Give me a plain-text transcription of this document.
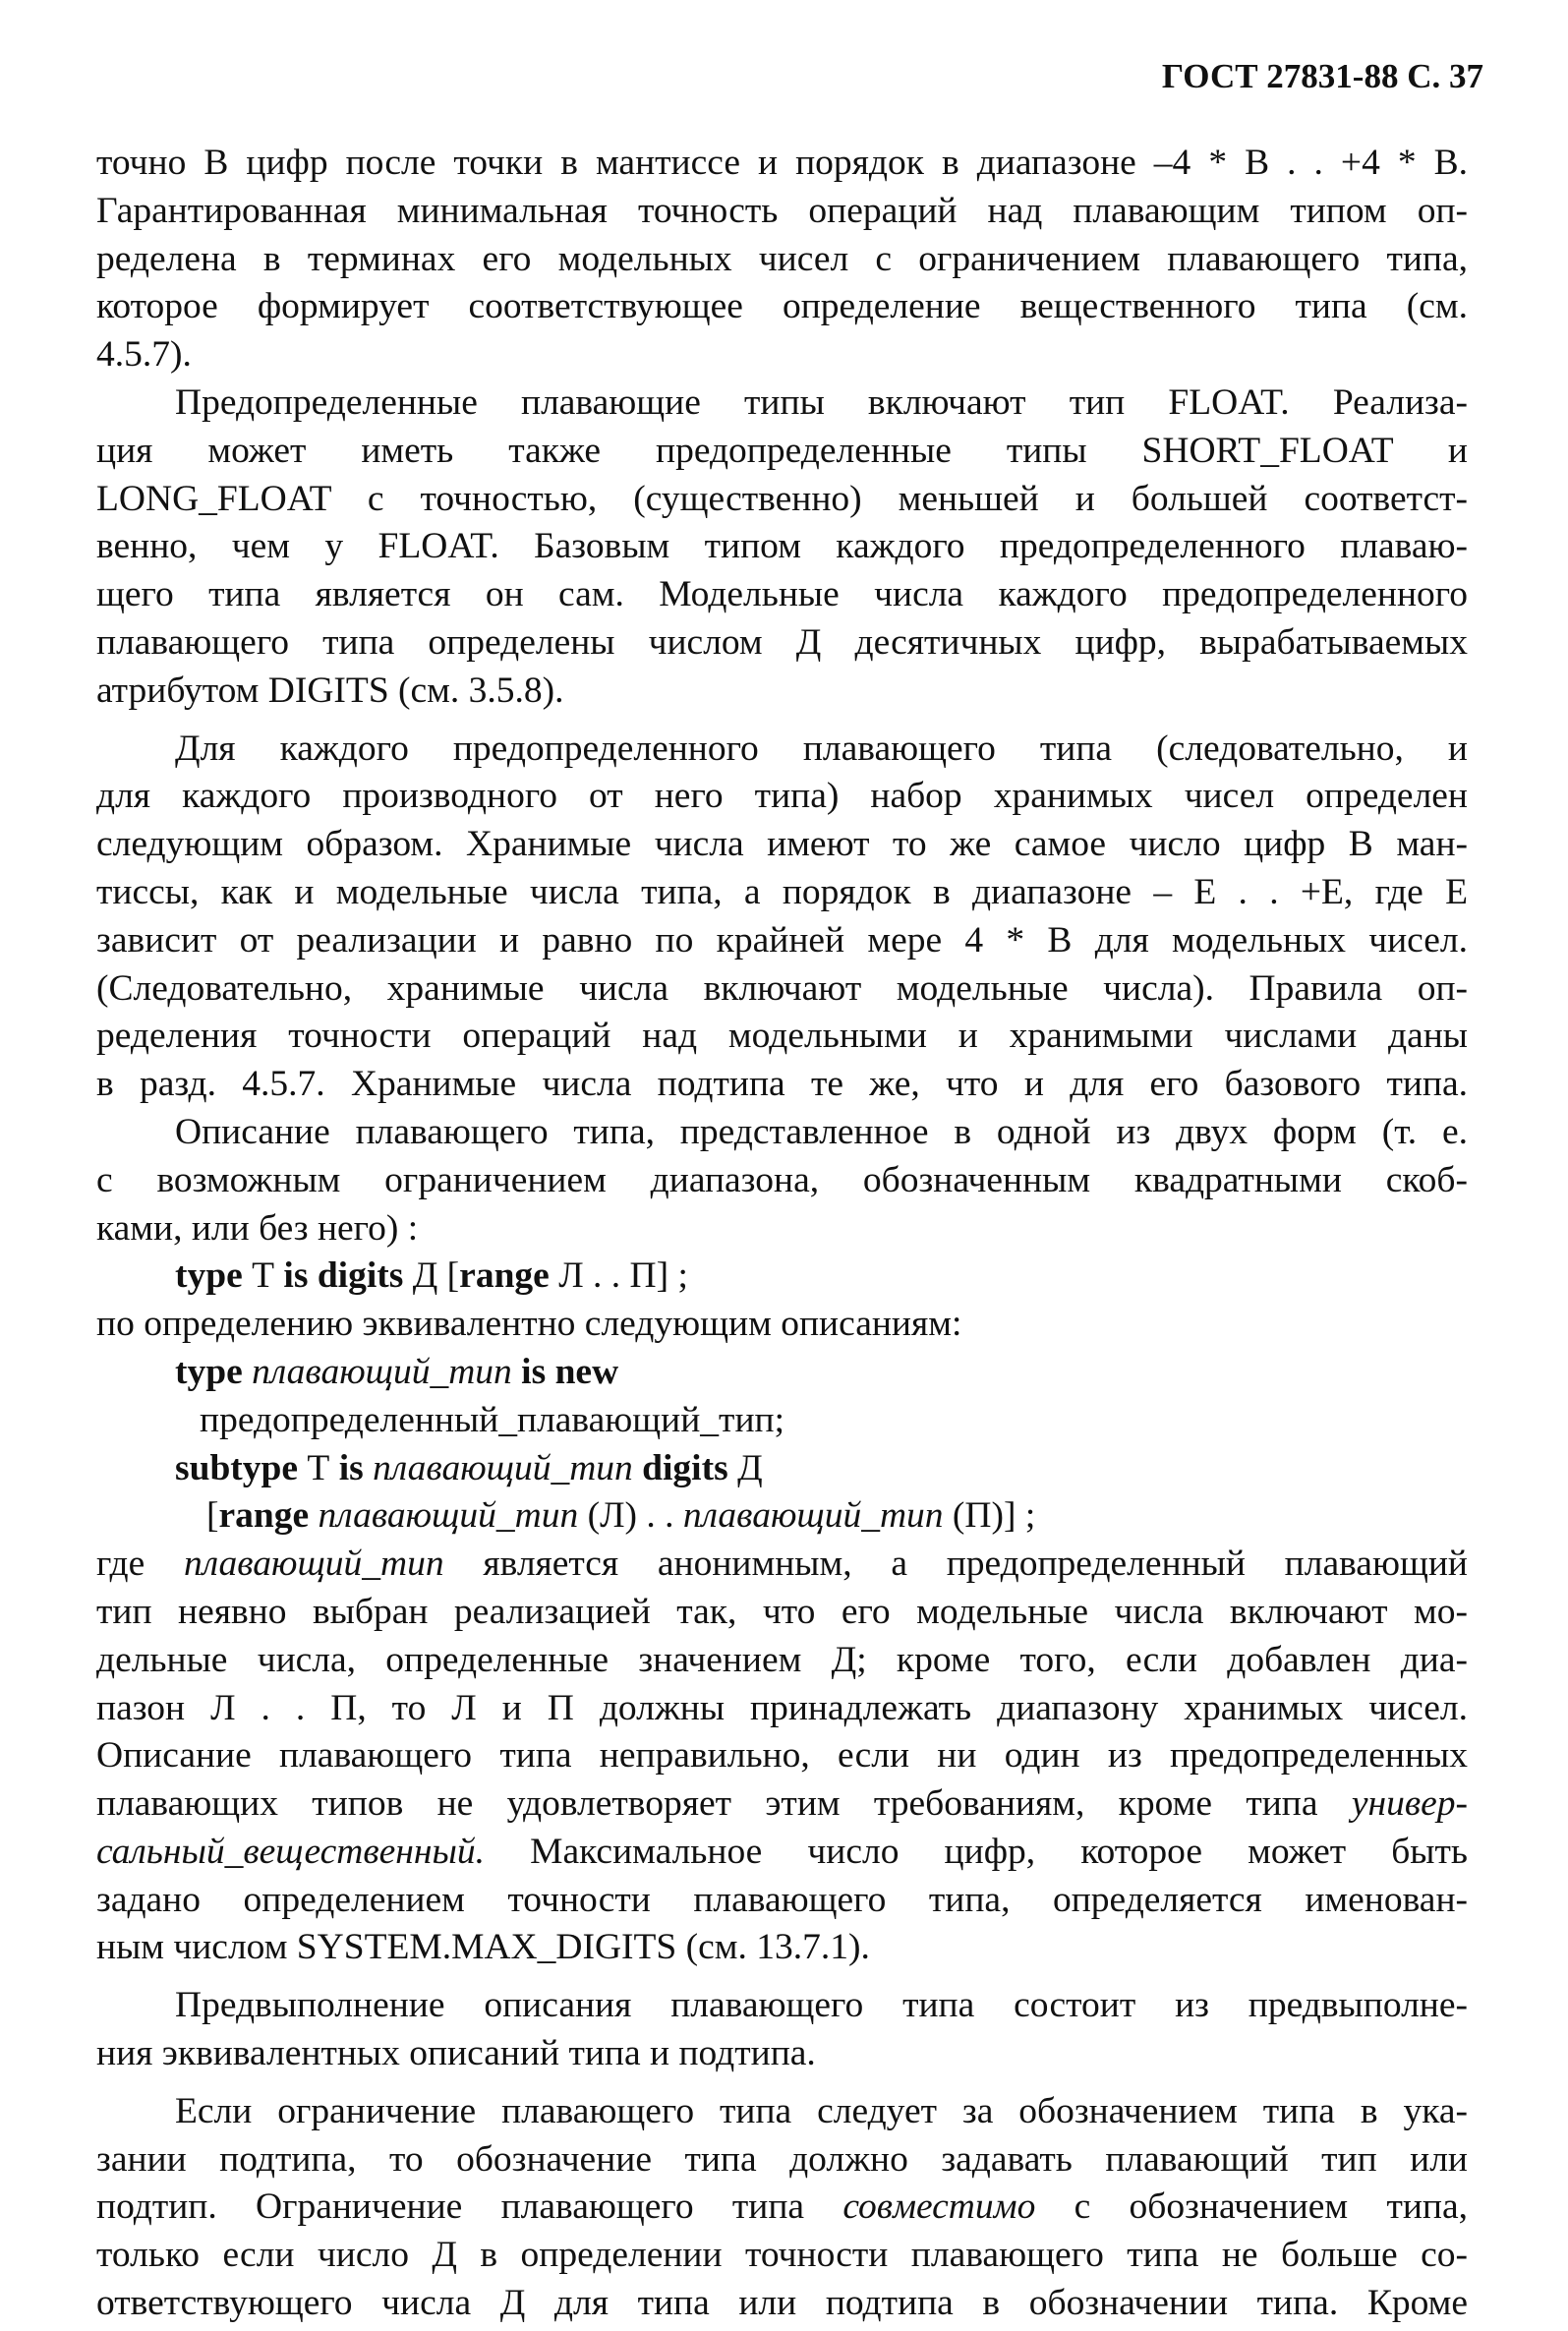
ГОСТ 27831-88 С. 37
точно В цифр после точки в мантиссе и порядок в диапазоне –4 * В . . +4 * В.
Гарантированная минимальная точность операций над плавающим типом оп-
ределена в терминах его модельных чисел с ограничением плавающего типа,
которое формирует соответствующее определение вещественного типа (см.
4.5.7).
Предопределенные плавающие типы включают тип FLOAT. Реализа-
ция может иметь также предопределенные типы SHORT_FLOAT и
LONG_FLOAT с точностью, (существенно) меньшей и большей соответст-
венно, чем у FLOAT. Базовым типом каждого предопределенного плаваю-
щего типа является он сам. Модельные числа каждого предопределенного
плавающего типа определены числом Д десятичных цифр, вырабатываемых
атрибутом DIGITS (см. 3.5.8).
Для каждого предопределенного плавающего типа (следовательно, и
для каждого производного от него типа) набор хранимых чисел определен
следующим образом. Хранимые числа имеют то же самое число цифр В ман-
тиссы, как и модельные числа типа, а порядок в диапазоне – Е . . +Е, где Е
зависит от реализации и равно по крайней мере 4 * В для модельных чисел.
(Следовательно, хранимые числа включают модельные числа). Правила оп-
ределения точности операций над модельными и хранимыми числами даны
в разд. 4.5.7. Хранимые числа подтипа те же, что и для его базового типа.
Описание плавающего типа, представленное в одной из двух форм (т. е.
с возможным ограничением диапазона, обозначенным квадратными скоб-
ками, или без него) :
type Т is digits Д [range Л . . П] ;
по определению эквивалентно следующим описаниям:
type плавающий_тип is new
предопределенный_плавающий_тип;
subtype Т is плавающий_тип digits Д
[range плавающий_тип (Л) . . плавающий_тип (П)] ;
где плавающий_тип является анонимным, а предопределенный плавающий
тип неявно выбран реализацией так, что его модельные числа включают мо-
дельные числа, определенные значением Д; кроме того, если добавлен диа-
пазон Л . . П, то Л и П должны принадлежать диапазону хранимых чисел.
Описание плавающего типа неправильно, если ни один из предопределенных
плавающих типов не удовлетворяет этим требованиям, кроме типа универ-
сальный_вещественный. Максимальное число цифр, которое может быть
задано определением точности плавающего типа, определяется именован-
ным числом SYSTEM.MAX_DIGITS (см. 13.7.1).
Предвыполнение описания плавающего типа состоит из предвыполне-
ния эквивалентных описаний типа и подтипа.
Если ограничение плавающего типа следует за обозначением типа в ука-
зании подтипа, то обозначение типа должно задавать плавающий тип или
подтип. Ограничение плавающего типа совместимо с обозначением типа,
только если число Д в определении точности плавающего типа не больше со-
ответствующего числа Д для типа или подтипа в обозначении типа. Кроме
